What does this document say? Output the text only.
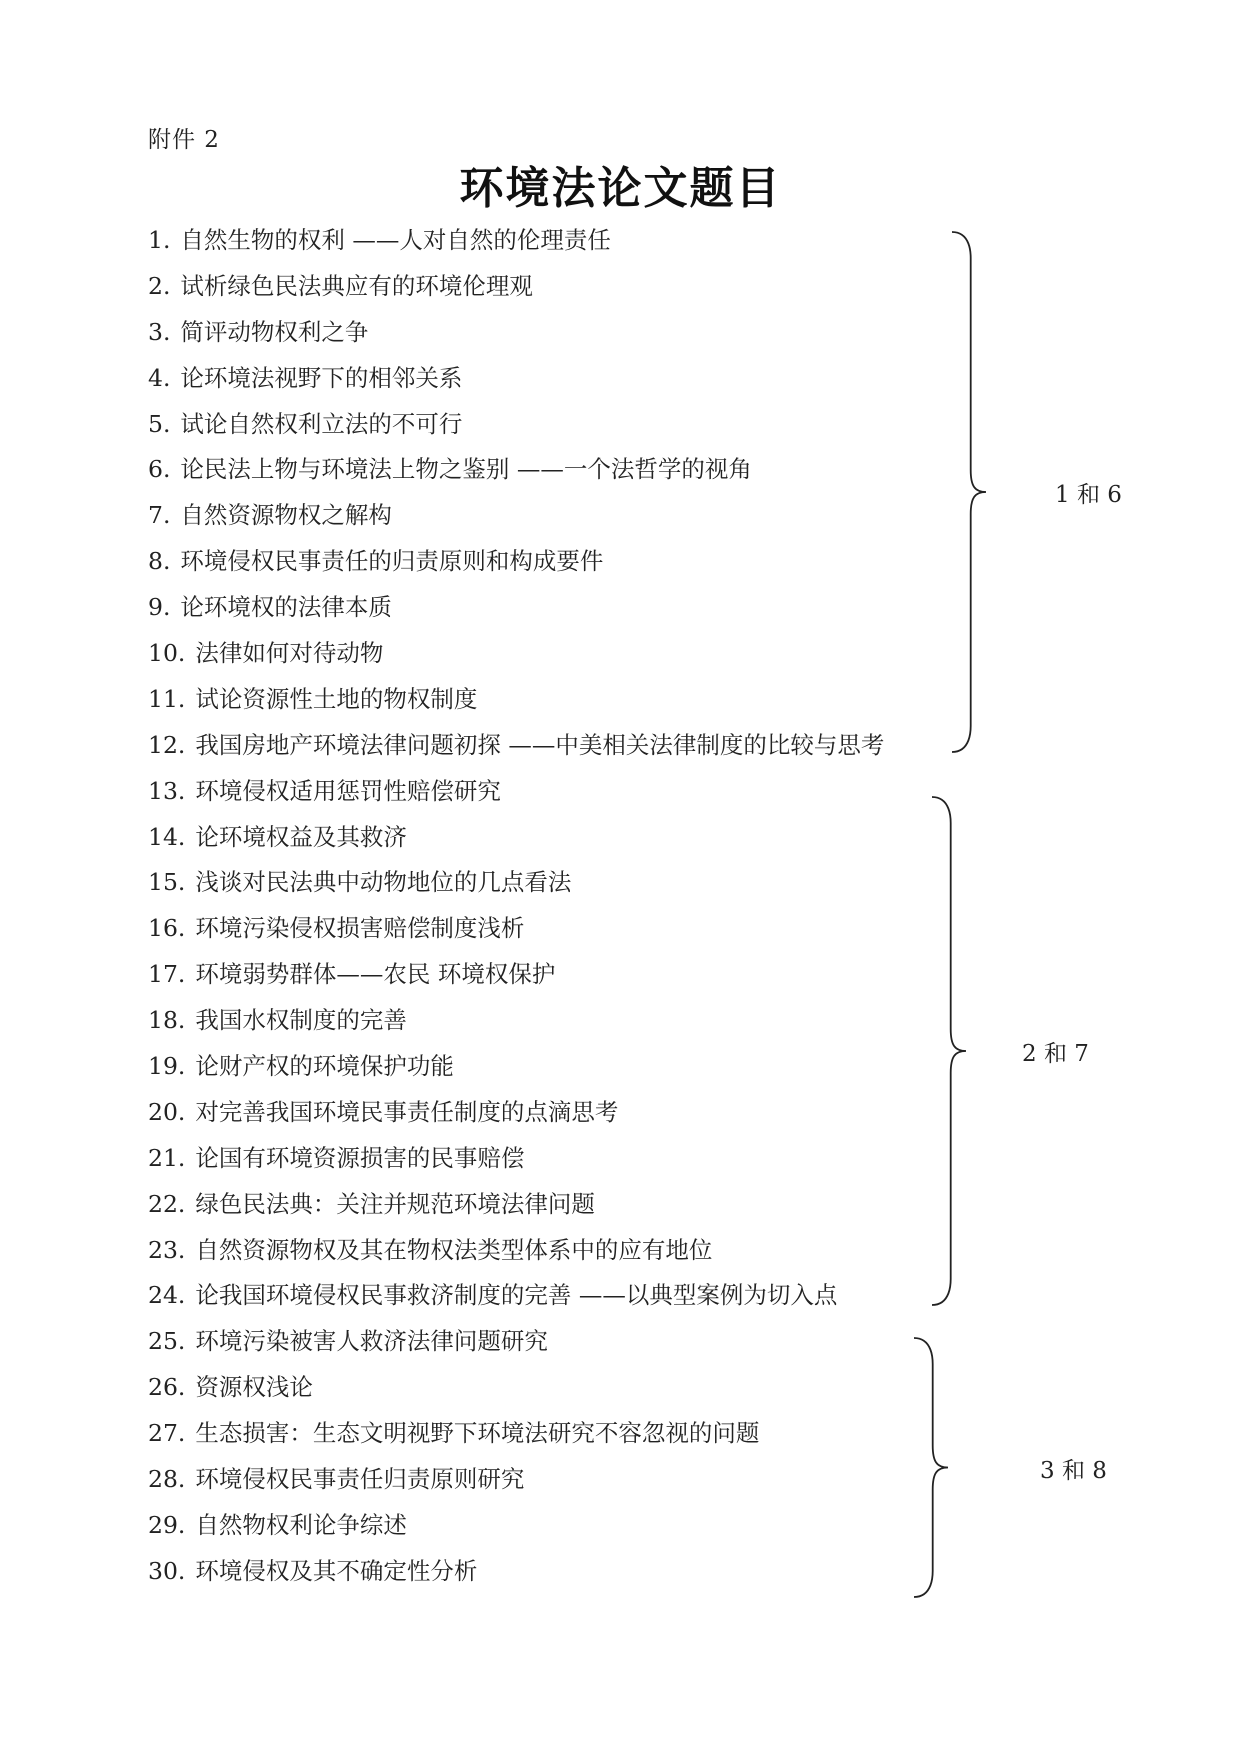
附件 2
环境法论文题目
1. 自然生物的权利 ——人对自然的伦理责任
2. 试析绿色民法典应有的环境伦理观
3. 简评动物权利之争
4. 论环境法视野下的相邻关系
5. 试论自然权利立法的不可行
6. 论民法上物与环境法上物之鉴别 ——一个法哲学的视角
7. 自然资源物权之解构
8. 环境侵权民事责任的归责原则和构成要件
9. 论环境权的法律本质
10. 法律如何对待动物
11. 试论资源性土地的物权制度
12. 我国房地产环境法律问题初探 ——中美相关法律制度的比较与思考
13. 环境侵权适用惩罚性赔偿研究
14. 论环境权益及其救济
15. 浅谈对民法典中动物地位的几点看法
16. 环境污染侵权损害赔偿制度浅析
17. 环境弱势群体——农民 环境权保护
18. 我国水权制度的完善
19. 论财产权的环境保护功能
20. 对完善我国环境民事责任制度的点滴思考
21. 论国有环境资源损害的民事赔偿
22. 绿色民法典：关注并规范环境法律问题
23. 自然资源物权及其在物权法类型体系中的应有地位
24. 论我国环境侵权民事救济制度的完善 ——以典型案例为切入点
25. 环境污染被害人救济法律问题研究
26. 资源权浅论
27. 生态损害：生态文明视野下环境法研究不容忽视的问题
28. 环境侵权民事责任归责原则研究
29. 自然物权利论争综述
30. 环境侵权及其不确定性分析
1 和 6
2 和 7
3 和 8
